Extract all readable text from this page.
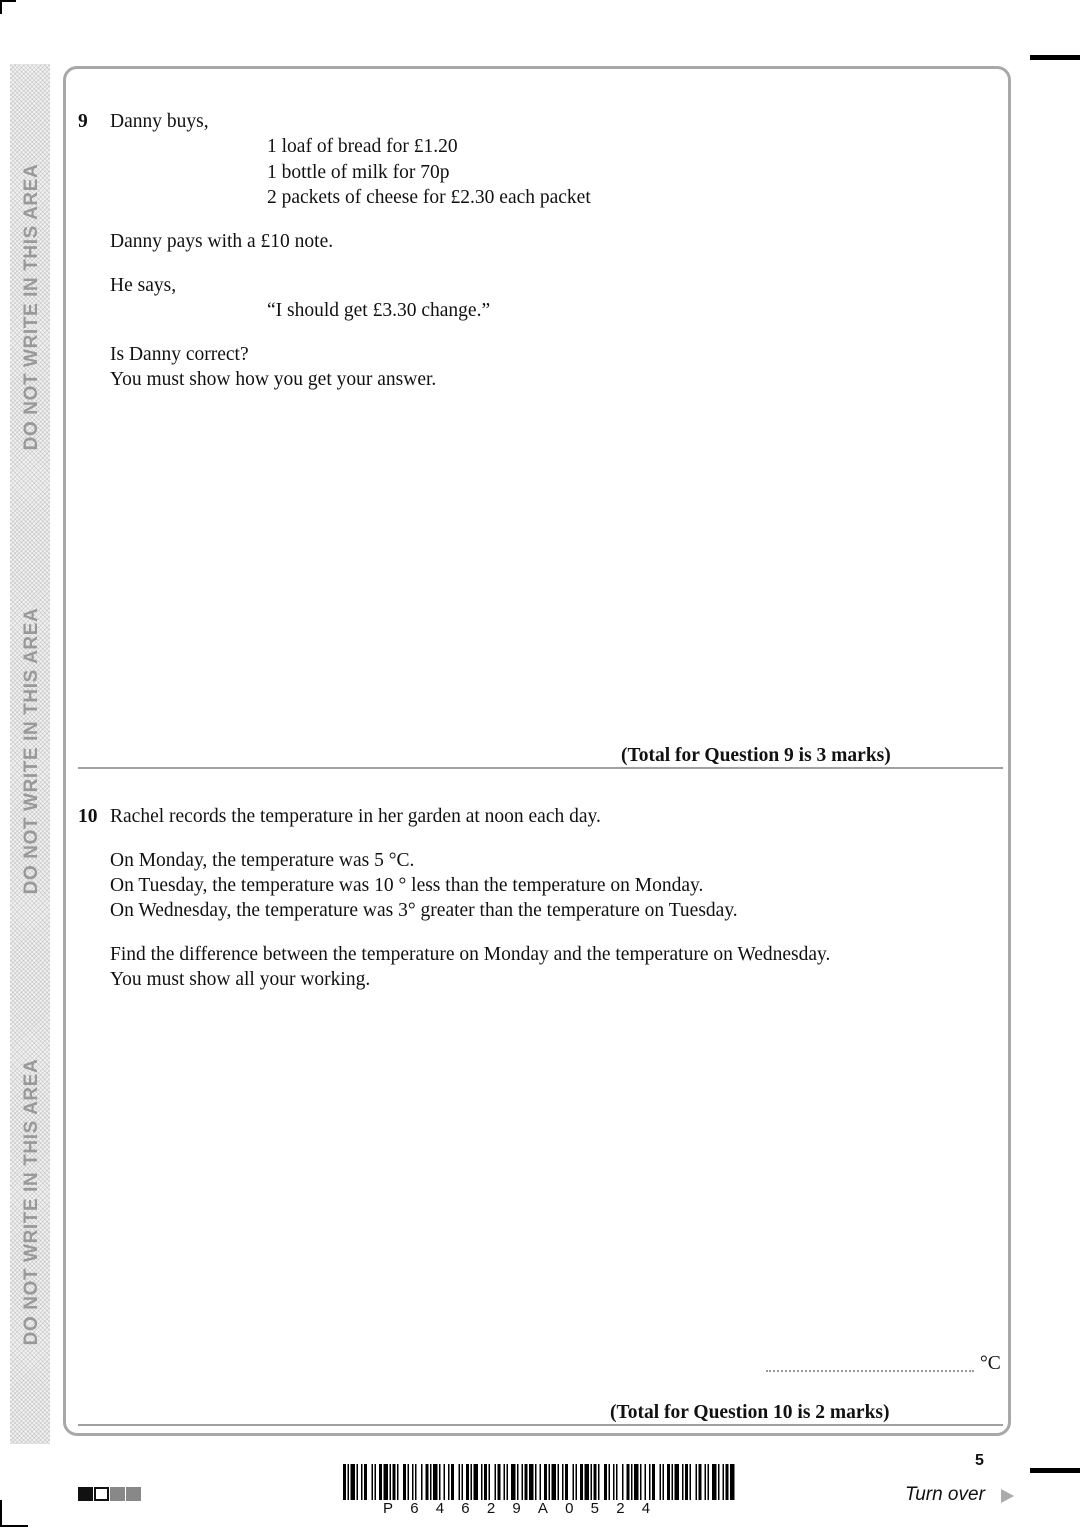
DO NOT WRITE IN THIS AREA
DO NOT WRITE IN THIS AREA
DO NOT WRITE IN THIS AREA
9 Danny buys,
1 loaf of bread for £1.20
1 bottle of milk for 70p
2 packets of cheese for £2.30 each packet
Danny pays with a £10 note.
He says,
“I should get £3.30 change.”
Is Danny correct?
You must show how you get your answer.
(Total for Question 9 is 3 marks)
10 Rachel records the temperature in her garden at noon each day.
On Monday, the temperature was 5 °C.
On Tuesday, the temperature was 10 ° less than the temperature on Monday.
On Wednesday, the temperature was 3° greater than the temperature on Tuesday.
Find the difference between the temperature on Monday and the temperature on Wednesday.
You must show all your working.
°C
(Total for Question 10 is 2 marks)
P64629A0524
5
Turn over
